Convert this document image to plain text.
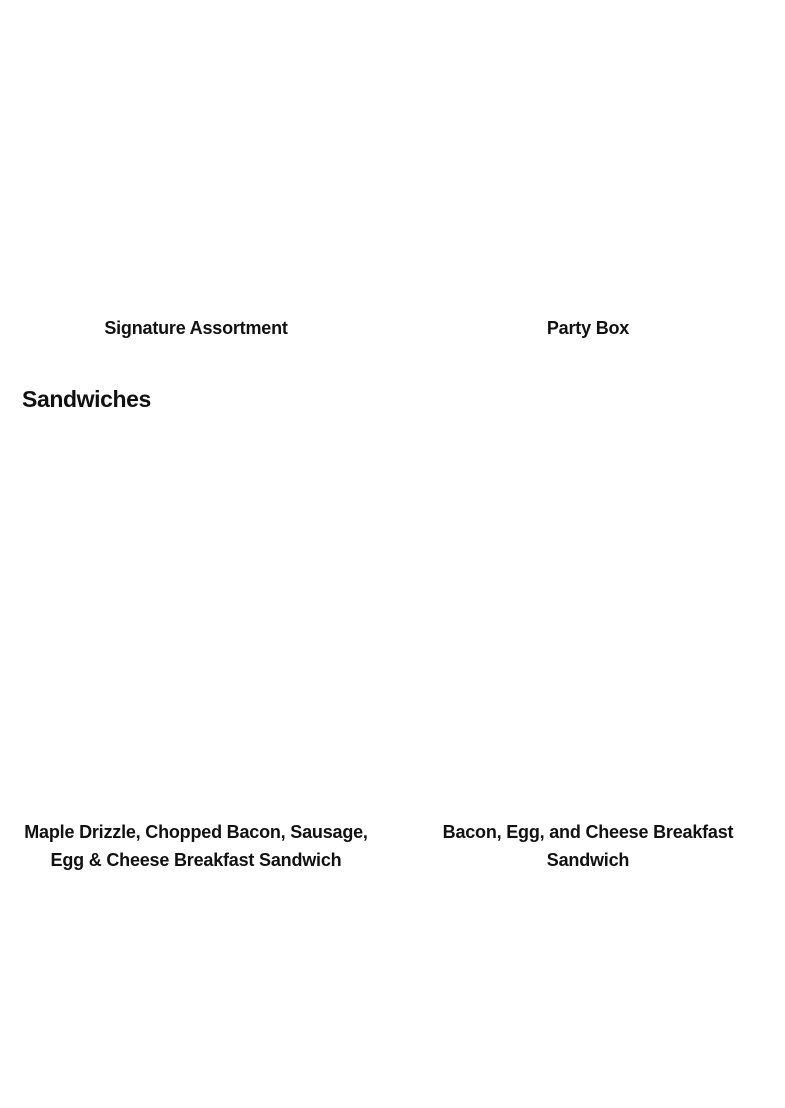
Signature Assortment	Party Box
Sandwiches
Maple Drizzle, Chopped Bacon, Sausage, Egg & Cheese Breakfast Sandwich
Bacon, Egg, and Cheese Breakfast Sandwich
